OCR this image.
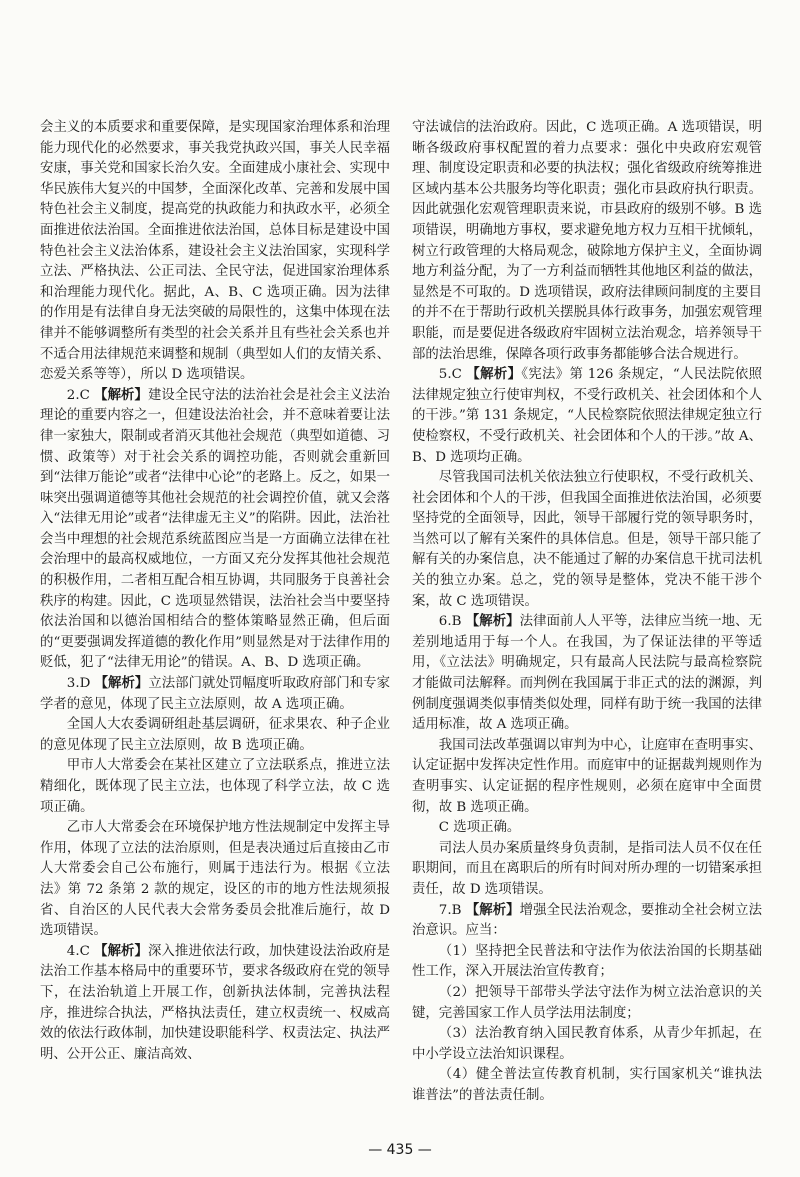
会主义的本质要求和重要保障，是实现国家治理体系和治理能力现代化的必然要求，事关我党执政兴国，事关人民幸福安康，事关党和国家长治久安。全面建成小康社会、实现中华民族伟大复兴的中国梦，全面深化改革、完善和发展中国特色社会主义制度，提高党的执政能力和执政水平，必须全面推进依法治国。全面推进依法治国，总体目标是建设中国特色社会主义法治体系，建设社会主义法治国家，实现科学立法、严格执法、公正司法、全民守法，促进国家治理体系和治理能力现代化。据此，A、B、C 选项正确。因为法律的作用是有法律自身无法突破的局限性的，这集中体现在法律并不能够调整所有类型的社会关系并且有些社会关系也并不适合用法律规范来调整和规制（典型如人们的友情关系、恋爱关系等等），所以 D 选项错误。

2.C 【解析】建设全民守法的法治社会是社会主义法治理论的重要内容之一，但建设法治社会，并不意味着要让法律一家独大，限制或者消灭其他社会规范（典型如道德、习惯、政策等）对于社会关系的调控功能，否则就会重新回到“法律万能论”或者“法律中心论”的老路上。反之，如果一味突出强调道德等其他社会规范的社会调控价值，就又会落入“法律无用论”或者“法律虚无主义”的陷阱。因此，法治社会当中理想的社会规范系统蓝图应当是一方面确立法律在社会治理中的最高权威地位，一方面又充分发挥其他社会规范的积极作用，二者相互配合相互协调，共同服务于良善社会秩序的构建。因此，C 选项显然错误，法治社会当中要坚持依法治国和以德治国相结合的整体策略显然正确，但后面的“更要强调发挥道德的教化作用”则显然是对于法律作用的贬低，犯了“法律无用论”的错误。A、B、D 选项正确。

3.D 【解析】立法部门就处罚幅度听取政府部门和专家学者的意见，体现了民主立法原则，故 A 选项正确。

全国人大农委调研组赴基层调研，征求果农、种子企业的意见体现了民主立法原则，故 B 选项正确。

甲市人大常委会在某社区建立了立法联系点，推进立法精细化，既体现了民主立法，也体现了科学立法，故 C 选项正确。

乙市人大常委会在环境保护地方性法规制定中发挥主导作用，体现了立法的法治原则，但是表决通过后直接由乙市人大常委会自己公布施行，则属于违法行为。根据《立法法》第 72 条第 2 款的规定，设区的市的地方性法规须报省、自治区的人民代表大会常务委员会批准后施行，故 D 选项错误。

4.C 【解析】深入推进依法行政，加快建设法治政府是法治工作基本格局中的重要环节，要求各级政府在党的领导下，在法治轨道上开展工作，创新执法体制，完善执法程序，推进综合执法，严格执法责任，建立权责统一、权威高效的依法行政体制，加快建设职能科学、权责法定、执法严明、公开公正、廉洁高效、

守法诚信的法治政府。因此，C 选项正确。A 选项错误，明晰各级政府事权配置的着力点要求：强化中央政府宏观管理、制度设定职责和必要的执法权；强化省级政府统筹推进区域内基本公共服务均等化职责；强化市县政府执行职责。因此就强化宏观管理职责来说，市县政府的级别不够。B 选项错误，明确地方事权，要求避免地方权力互相干扰倾轧，树立行政管理的大格局观念，破除地方保护主义，全面协调地方利益分配，为了一方利益而牺牲其他地区利益的做法，显然是不可取的。D 选项错误，政府法律顾问制度的主要目的并不在于帮助行政机关摆脱具体行政事务，加强宏观管理职能，而是要促进各级政府牢固树立法治观念，培养领导干部的法治思维，保障各项行政事务都能够合法合规进行。

5.C 【解析】《宪法》第 126 条规定，“人民法院依照法律规定独立行使审判权，不受行政机关、社会团体和个人的干涉。”第 131 条规定，“人民检察院依照法律规定独立行使检察权，不受行政机关、社会团体和个人的干涉。”故 A、B、D 选项均正确。

尽管我国司法机关依法独立行使职权，不受行政机关、社会团体和个人的干涉，但我国全面推进依法治国，必须要坚持党的全面领导，因此，领导干部履行党的领导职务时，当然可以了解有关案件的具体信息。但是，领导干部只能了解有关的办案信息，决不能通过了解的办案信息干扰司法机关的独立办案。总之，党的领导是整体，党决不能干涉个案，故 C 选项错误。

6.B 【解析】法律面前人人平等，法律应当统一地、无差别地适用于每一个人。在我国，为了保证法律的平等适用，《立法法》明确规定，只有最高人民法院与最高检察院才能做司法解释。而判例在我国属于非正式的法的渊源，判例制度强调类似事情类似处理，同样有助于统一我国的法律适用标准，故 A 选项正确。

我国司法改革强调以审判为中心，让庭审在查明事实、认定证据中发挥决定性作用。而庭审中的证据裁判规则作为查明事实、认定证据的程序性规则，必须在庭审中全面贯彻，故 B 选项正确。

C 选项正确。

司法人员办案质量终身负责制，是指司法人员不仅在任职期间，而且在离职后的所有时间对所办理的一切错案承担责任，故 D 选项错误。

7.B 【解析】增强全民法治观念，要推动全社会树立法治意识。应当：

（1）坚持把全民普法和守法作为依法治国的长期基础性工作，深入开展法治宣传教育；

（2）把领导干部带头学法守法作为树立法治意识的关键，完善国家工作人员学法用法制度；

（3）法治教育纳入国民教育体系，从青少年抓起，在中小学设立法治知识课程。

（4）健全普法宣传教育机制，实行国家机关“谁执法谁普法”的普法责任制。

— 435 —
